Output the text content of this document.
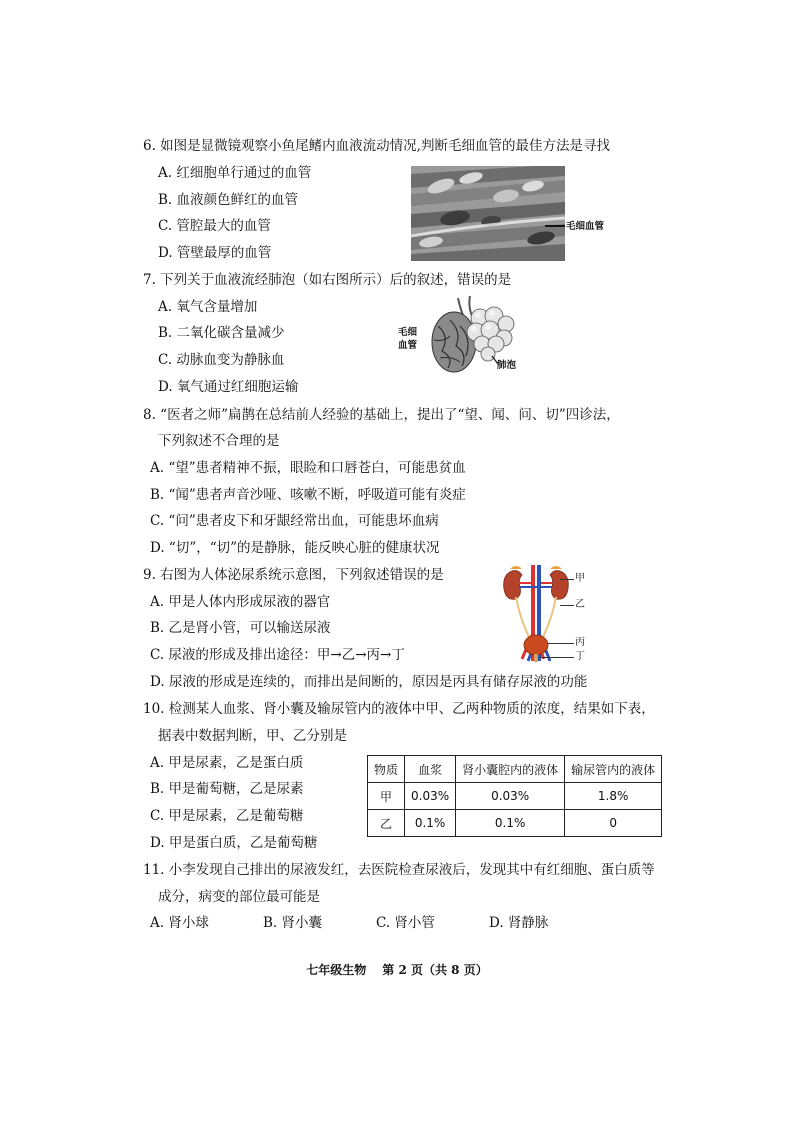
6. 如图是显微镜观察小鱼尾鳍内血液流动情况,判断毛细血管的最佳方法是寻找
A. 红细胞单行通过的血管
B. 血液颜色鲜红的血管
C. 管腔最大的血管
D. 管壁最厚的血管
毛细血管
7. 下列关于血液流经肺泡（如右图所示）后的叙述，错误的是
A. 氧气含量增加
B. 二氧化碳含量减少
C. 动脉血变为静脉血
D. 氧气通过红细胞运输
毛细
血管
肺泡
8. “医者之师”扁鹊在总结前人经验的基础上，提出了“望、闻、问、切”四诊法，
下列叙述不合理的是
A. “望”患者精神不振，眼睑和口唇苍白，可能患贫血
B. “闻”患者声音沙哑、咳嗽不断，呼吸道可能有炎症
C. “问”患者皮下和牙龈经常出血，可能患坏血病
D. “切”，“切”的是静脉，能反映心脏的健康状况
9. 右图为人体泌尿系统示意图，下列叙述错误的是
A. 甲是人体内形成尿液的器官
B. 乙是肾小管，可以输送尿液
C. 尿液的形成及排出途径：甲→乙→丙→丁
D. 尿液的形成是连续的，而排出是间断的，原因是丙具有储存尿液的功能
甲
乙
丙
丁
10. 检测某人血浆、肾小囊及输尿管内的液体中甲、乙两种物质的浓度，结果如下表，
据表中数据判断，甲、乙分别是
A. 甲是尿素，乙是蛋白质
B. 甲是葡萄糖，乙是尿素
C. 甲是尿素，乙是葡萄糖
D. 甲是蛋白质，乙是葡萄糖
物质	血浆	肾小囊腔内的液体	输尿管内的液体
甲	0.03%	0.03%	1.8%
乙	0.1%	0.1%	0
11. 小李发现自己排出的尿液发红，去医院检查尿液后，发现其中有红细胞、蛋白质等
成分，病变的部位最可能是
A. 肾小球	B. 肾小囊	C. 肾小管	D. 肾静脉
七年级生物 第 2 页（共 8 页）
